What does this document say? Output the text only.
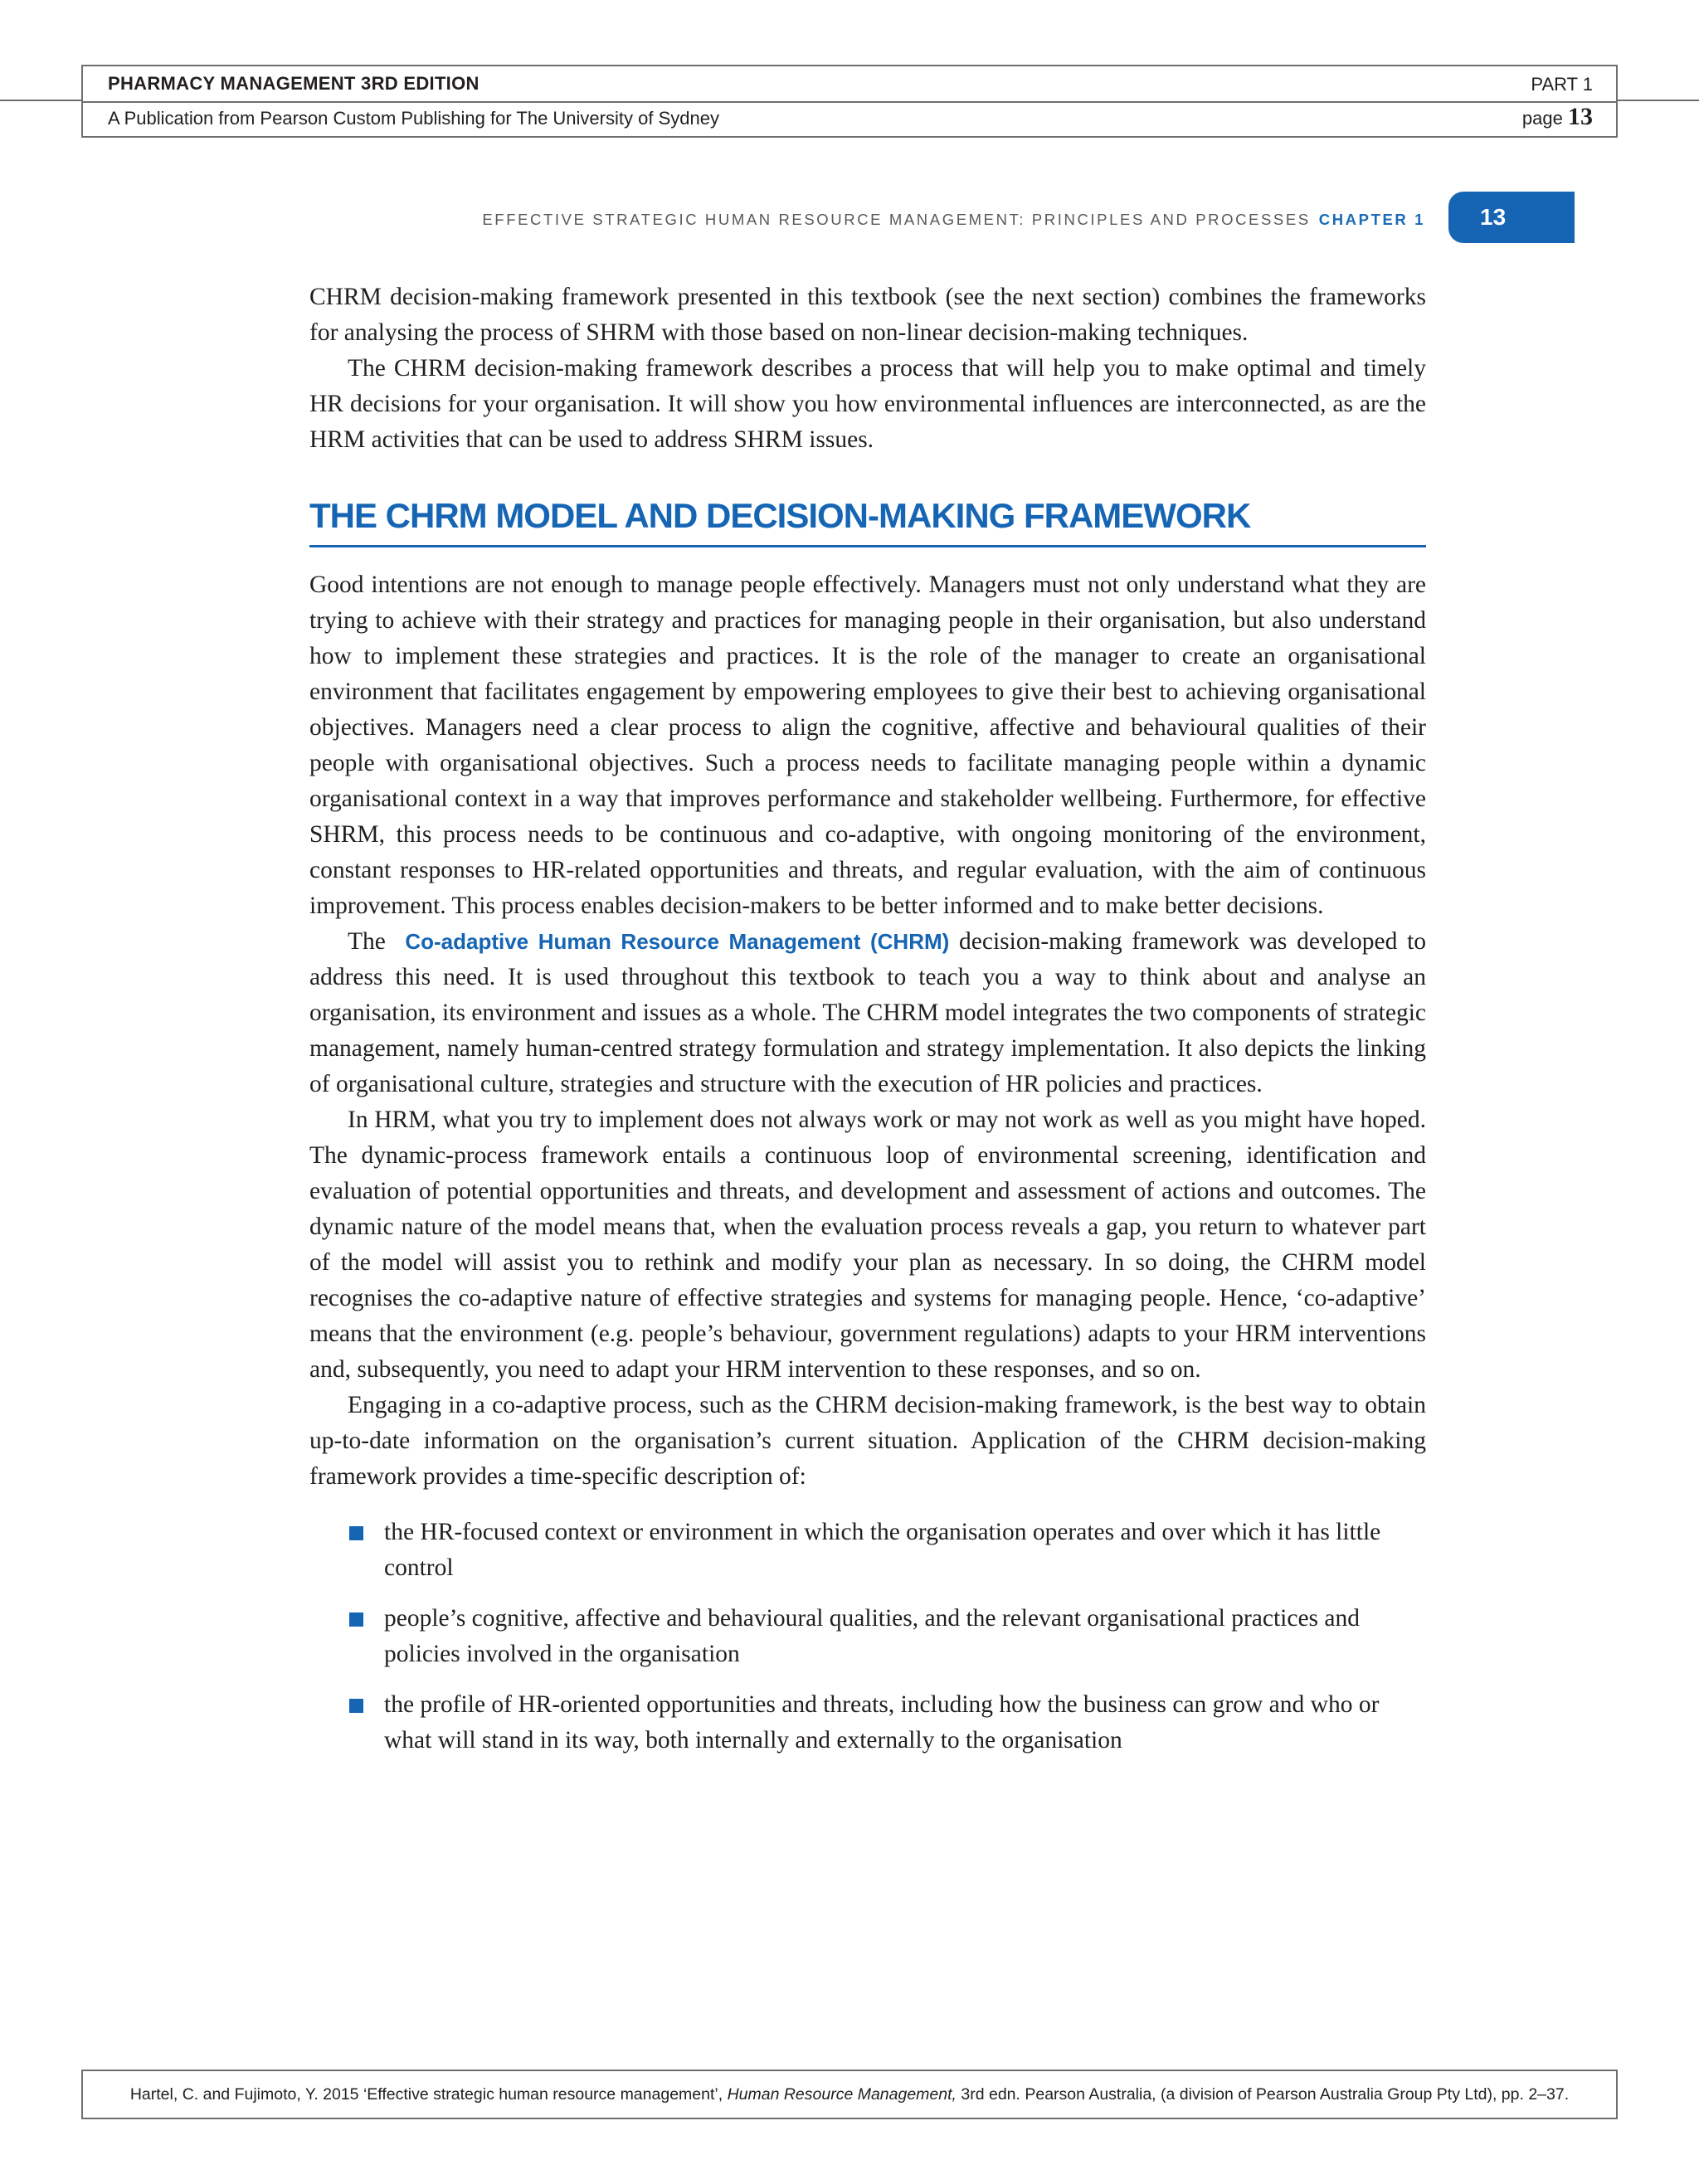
PHARMACY MANAGEMENT 3RD EDITION	PART 1
A Publication from Pearson Custom Publishing for The University of Sydney	page 13
EFFECTIVE STRATEGIC HUMAN RESOURCE MANAGEMENT: PRINCIPLES AND PROCESSES CHAPTER 1	13

CHRM decision-making framework presented in this textbook (see the next section) combines the frameworks for analysing the process of SHRM with those based on non-linear decision-making techniques.

The CHRM decision-making framework describes a process that will help you to make optimal and timely HR decisions for your organisation. It will show you how environmental influences are interconnected, as are the HRM activities that can be used to address SHRM issues.

THE CHRM MODEL AND DECISION-MAKING FRAMEWORK

Good intentions are not enough to manage people effectively. Managers must not only understand what they are trying to achieve with their strategy and practices for managing people in their organisation, but also understand how to implement these strategies and practices. It is the role of the manager to create an organisational environment that facilitates engagement by empowering employees to give their best to achieving organisational objectives. Managers need a clear process to align the cognitive, affective and behavioural qualities of their people with organisational objectives. Such a process needs to facilitate managing people within a dynamic organisational context in a way that improves performance and stakeholder wellbeing. Furthermore, for effective SHRM, this process needs to be continuous and co-adaptive, with ongoing monitoring of the environment, constant responses to HR-related opportunities and threats, and regular evaluation, with the aim of continuous improvement. This process enables decision-makers to be better informed and to make better decisions.

The Co-adaptive Human Resource Management (CHRM) decision-making framework was developed to address this need. It is used throughout this textbook to teach you a way to think about and analyse an organisation, its environment and issues as a whole. The CHRM model integrates the two components of strategic management, namely human-centred strategy formulation and strategy implementation. It also depicts the linking of organisational culture, strategies and structure with the execution of HR policies and practices.

In HRM, what you try to implement does not always work or may not work as well as you might have hoped. The dynamic-process framework entails a continuous loop of environmental screening, identification and evaluation of potential opportunities and threats, and development and assessment of actions and outcomes. The dynamic nature of the model means that, when the evaluation process reveals a gap, you return to whatever part of the model will assist you to rethink and modify your plan as necessary. In so doing, the CHRM model recognises the co-adaptive nature of effective strategies and systems for managing people. Hence, ‘co-adaptive’ means that the environment (e.g. people’s behaviour, government regulations) adapts to your HRM interventions and, subsequently, you need to adapt your HRM intervention to these responses, and so on.

Engaging in a co-adaptive process, such as the CHRM decision-making framework, is the best way to obtain up-to-date information on the organisation’s current situation. Application of the CHRM decision-making framework provides a time-specific description of:

the HR-focused context or environment in which the organisation operates and over which it has little control
people’s cognitive, affective and behavioural qualities, and the relevant organisational practices and policies involved in the organisation
the profile of HR-oriented opportunities and threats, including how the business can grow and who or what will stand in its way, both internally and externally to the organisation
Hartel, C. and Fujimoto, Y. 2015 ‘Effective strategic human resource management’, Human Resource Management, 3rd edn. Pearson Australia, (a division of Pearson Australia Group Pty Ltd), pp. 2–37.
